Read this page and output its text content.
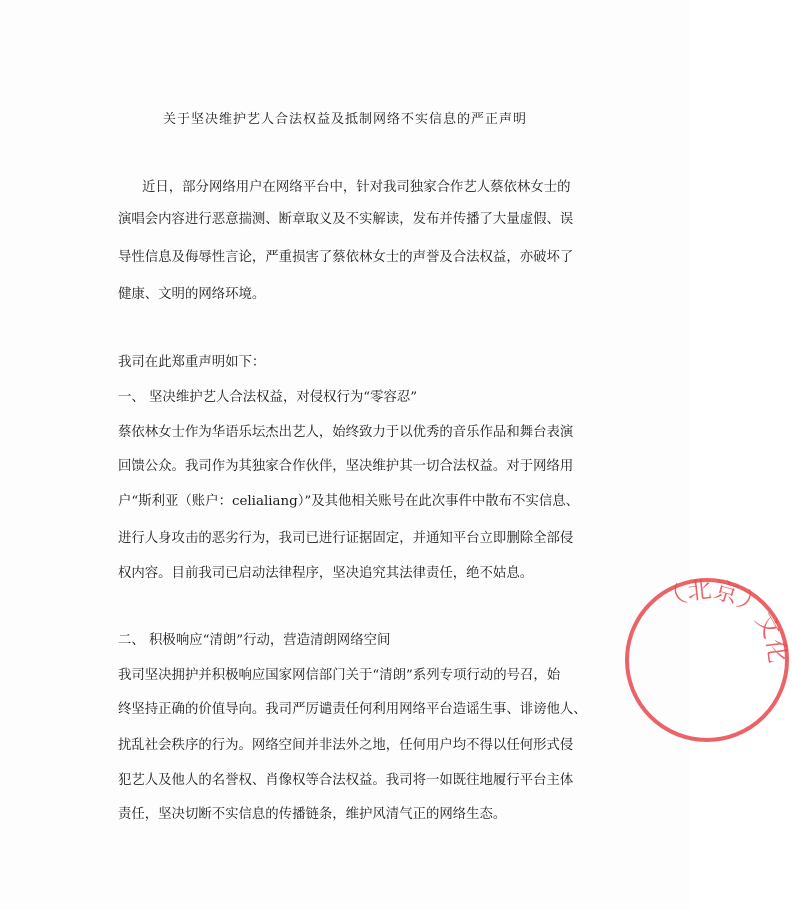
关于坚决维护艺人合法权益及抵制网络不实信息的严正声明
近日，部分网络用户在网络平台中，针对我司独家合作艺人蔡依林女士的
演唱会内容进行恶意揣测、断章取义及不实解读，发布并传播了大量虚假、误
导性信息及侮辱性言论，严重损害了蔡依林女士的声誉及合法权益，亦破坏了
健康、文明的网络环境。
我司在此郑重声明如下：
一、 坚决维护艺人合法权益，对侵权行为“零容忍”
蔡依林女士作为华语乐坛杰出艺人，始终致力于以优秀的音乐作品和舞台表演
回馈公众。我司作为其独家合作伙伴，坚决维护其一切合法权益。对于网络用
户“斯利亚（账户：celialiang）”及其他相关账号在此次事件中散布不实信息、
进行人身攻击的恶劣行为，我司已进行证据固定，并通知平台立即删除全部侵
权内容。目前我司已启动法律程序，坚决追究其法律责任，绝不姑息。
二、 积极响应“清朗”行动，营造清朗网络空间
我司坚决拥护并积极响应国家网信部门关于“清朗”系列专项行动的号召，始
终坚持正确的价值导向。我司严厉谴责任何利用网络平台造谣生事、诽谤他人、
扰乱社会秩序的行为。网络空间并非法外之地，任何用户均不得以任何形式侵
犯艺人及他人的名誉权、肖像权等合法权益。我司将一如既往地履行平台主体
责任，坚决切断不实信息的传播链条，维护风清气正的网络生态。
（北京）文化
